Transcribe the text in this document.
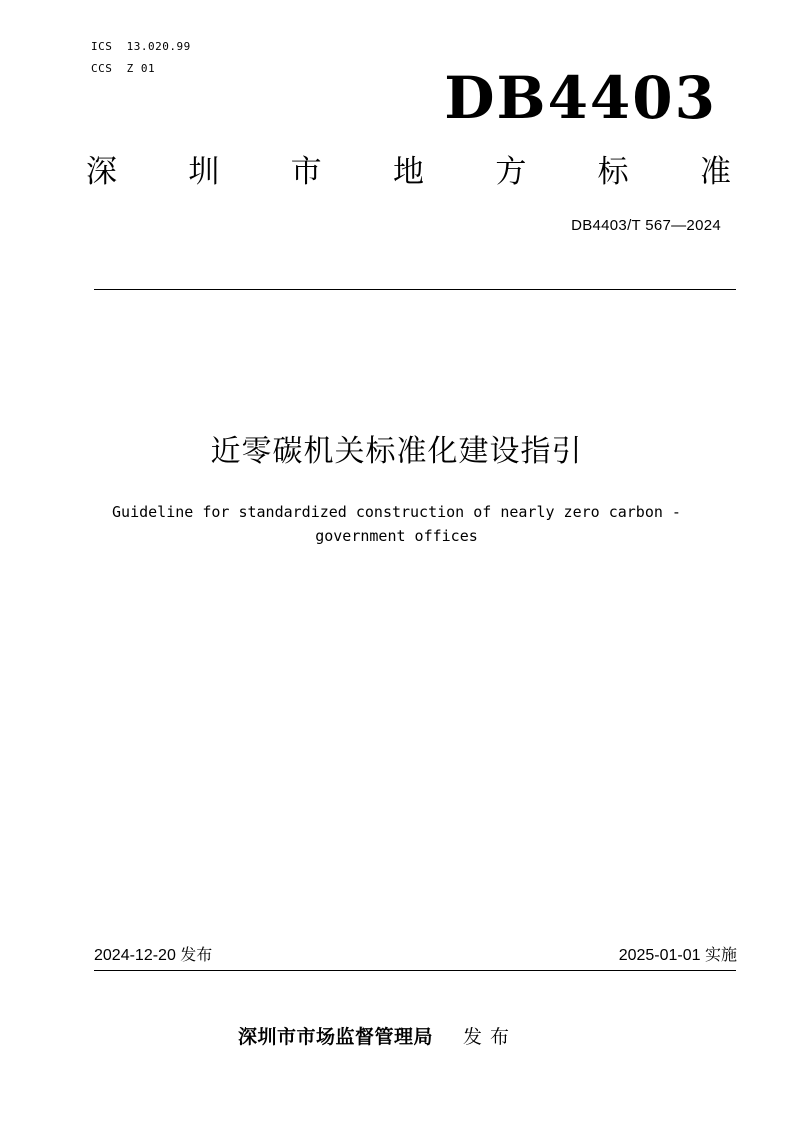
ICS  13.020.99
CCS  Z 01	DB4403
深 圳 市 地 方 标 准
DB4403/T 567—2024
近零碳机关标准化建设指引
Guideline for standardized construction of nearly zero carbon -
government offices
2024-12-20 发布	2025-01-01 实施
深圳市市场监督管理局 发布
